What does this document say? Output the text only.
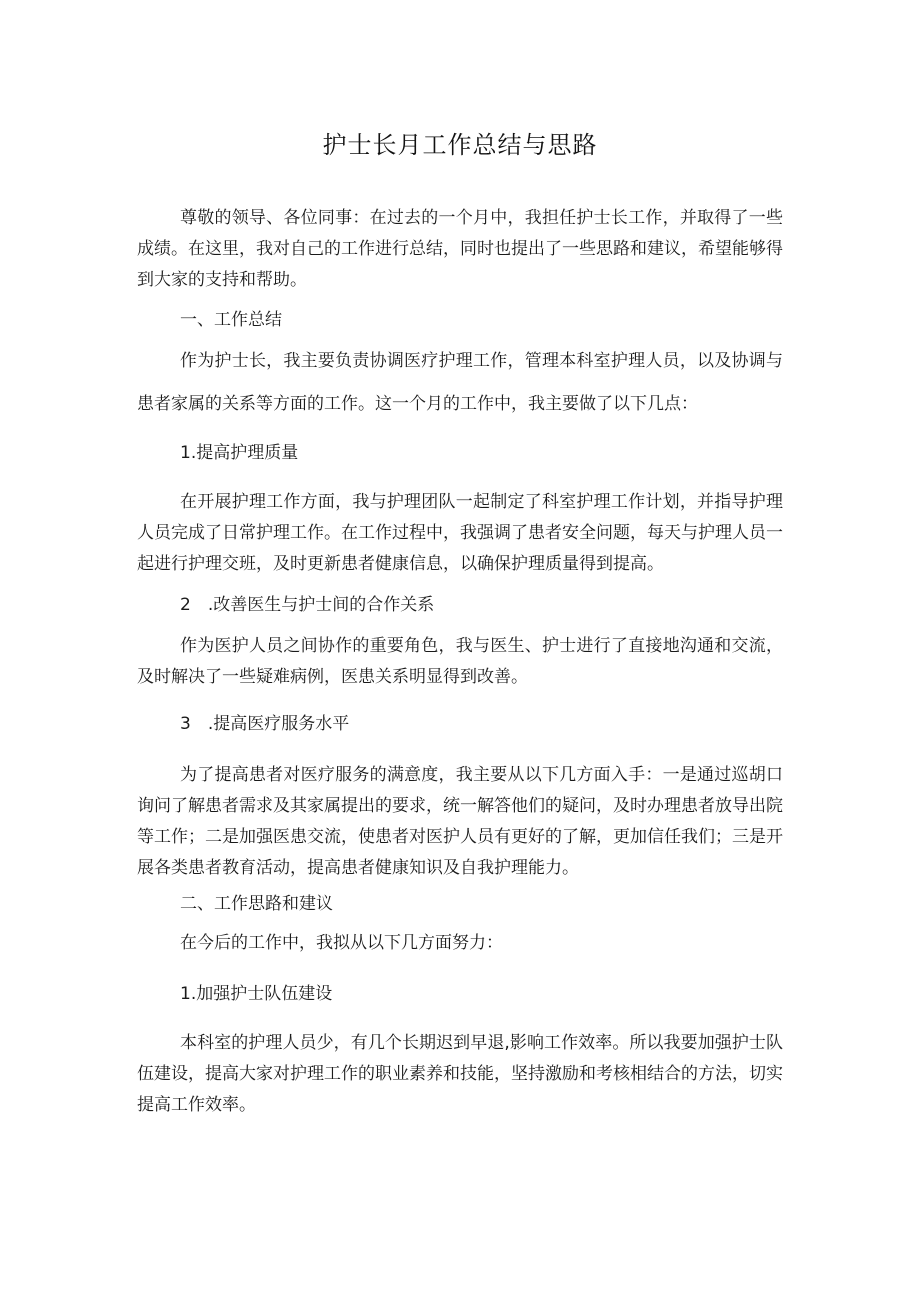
护士长月工作总结与思路

尊敬的领导、各位同事：在过去的一个月中，我担任护士长工作，并取得了一些成绩。在这里，我对自己的工作进行总结，同时也提出了一些思路和建议，希望能够得到大家的支持和帮助。

一、工作总结

作为护士长，我主要负责协调医疗护理工作，管理本科室护理人员，以及协调与患者家属的关系等方面的工作。这一个月的工作中，我主要做了以下几点：

1.提高护理质量

在开展护理工作方面，我与护理团队一起制定了科室护理工作计划，并指导护理人员完成了日常护理工作。在工作过程中，我强调了患者安全问题，每天与护理人员一起进行护理交班，及时更新患者健康信息，以确保护理质量得到提高。

2　.改善医生与护士间的合作关系

作为医护人员之间协作的重要角色，我与医生、护士进行了直接地沟通和交流，及时解决了一些疑难病例，医患关系明显得到改善。

3　.提高医疗服务水平

为了提高患者对医疗服务的满意度，我主要从以下几方面入手：一是通过巡胡口询问了解患者需求及其家属提出的要求，统一解答他们的疑问，及时办理患者放导出院等工作；二是加强医患交流，使患者对医护人员有更好的了解，更加信任我们；三是开展各类患者教育活动，提高患者健康知识及自我护理能力。

二、工作思路和建议

在今后的工作中，我拟从以下几方面努力：

1.加强护士队伍建设

本科室的护理人员少，有几个长期迟到早退,影响工作效率。所以我要加强护士队伍建设，提高大家对护理工作的职业素养和技能，坚持激励和考核相结合的方法，切实提高工作效率。
